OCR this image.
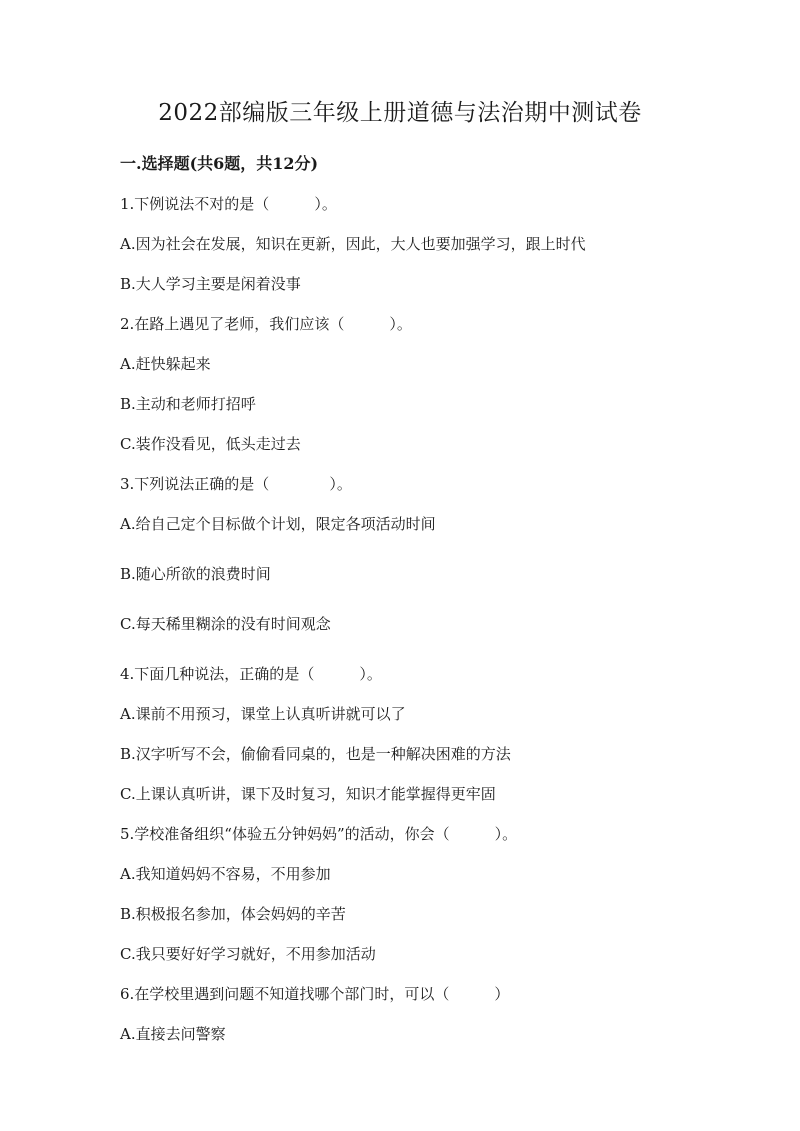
2022部编版三年级上册道德与法治期中测试卷
一.选择题(共6题，共12分)
1.下例说法不对的是（　　　）。
A.因为社会在发展，知识在更新，因此，大人也要加强学习，跟上时代
B.大人学习主要是闲着没事
2.在路上遇见了老师，我们应该（　　　）。
A.赶快躲起来
B.主动和老师打招呼
C.装作没看见，低头走过去
3.下列说法正确的是（　　　　）。
A.给自己定个目标做个计划，限定各项活动时间
B.随心所欲的浪费时间
C.每天稀里糊涂的没有时间观念
4.下面几种说法，正确的是（　　　）。
A.课前不用预习，课堂上认真听讲就可以了
B.汉字听写不会，偷偷看同桌的，也是一种解决困难的方法
C.上课认真听讲，课下及时复习，知识才能掌握得更牢固
5.学校准备组织“体验五分钟妈妈”的活动，你会（　　　）。
A.我知道妈妈不容易，不用参加
B.积极报名参加，体会妈妈的辛苦
C.我只要好好学习就好，不用参加活动
6.在学校里遇到问题不知道找哪个部门时，可以（　　　）
A.直接去问警察
